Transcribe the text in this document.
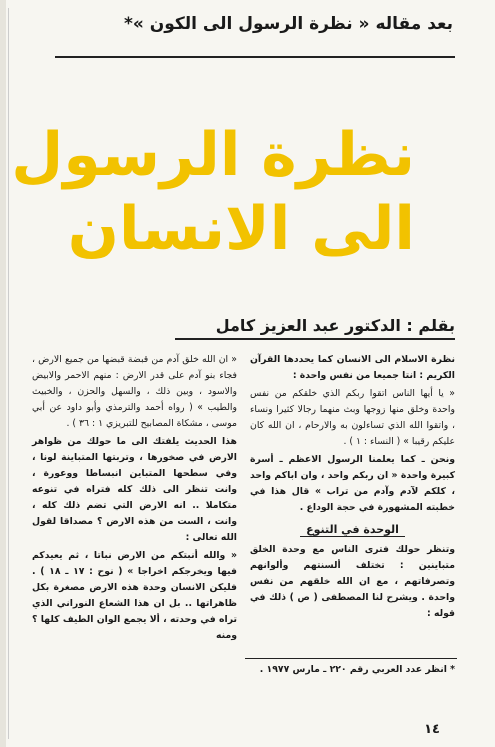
بعد مقاله « نظرة الرسول الى الكون »*
نظرة الرسول
الى الانسان
بقلم : الدكتور عبد العزيز كامل

نظرة الاسلام الى الانسان كما يحددها القرآن الكريم : انتا جميعا من نفس واحدة :

« يا أيها الناس اتقوا ربكم الذي خلقكم من نفس واحدة وخلق منها زوجها وبث منهما رجالا كثيرا ونساء ، واتقوا الله الذي تساءلون به والارحام ، ان الله كان عليكم رقيبا » ( النساء : ١ ) .

ونحن ـ كما يعلمنا الرسول الاعظم ـ أسرة كبيرة واحدة « ان ربكم واحد ، وان اباكم واحد ، كلكم لآدم وآدم من تراب » قال هذا في خطبته المشهورة في حجة الوداع .

الوحدة في التنوع

وتنظر حولك فترى الناس مع وحدة الخلق متباينين : تختلف ألسنتهم وألوانهم وتصرفاتهم ، مع ان الله خلقهم من نفس واحدة . ويشرح لنا المصطفى ( ص ) ذلك في قوله :

« ان الله خلق آدم من قبضة قبضها من جميع الارض ، فجاء بنو آدم على قدر الارض : منهم الاحمر والابيض والاسود ، وبين ذلك ، والسهل والحزن ، والخبيث والطيب » ( رواه أحمد والترمذي وأبو داود عن أبي موسى ، مشكاة المصابيح للتبريزي ١ : ٣٦ ) .

هذا الحديث يلفتك الى ما حولك من ظواهر الارض في صخورها ، وتربتها المتباينة لونا ، وفي سطحها المتباين انبساطا ووعورة ، وانت تنظر الى ذلك كله فتراه في تنوعه متكاملا .. انه الارض التي تضم ذلك كله ، وانت ، الست من هذه الارض ؟ مصداقا لقول الله تعالى :

« والله أنبتكم من الارض نباتا ، ثم يعيدكم فيها ويخرجكم اخراجا » ( نوح : ١٧ ـ ١٨ ) . فليكن الانسان وحدة هذه الارض مصغرة بكل ظاهراتها .. بل ان هذا الشعاع النوراني الذي تراه في وحدته ، ألا يجمع الوان الطيف كلها ؟ ومنه

* انظر عدد العربي رقم ٢٢٠ ـ مارس ١٩٧٧ .
١٤
